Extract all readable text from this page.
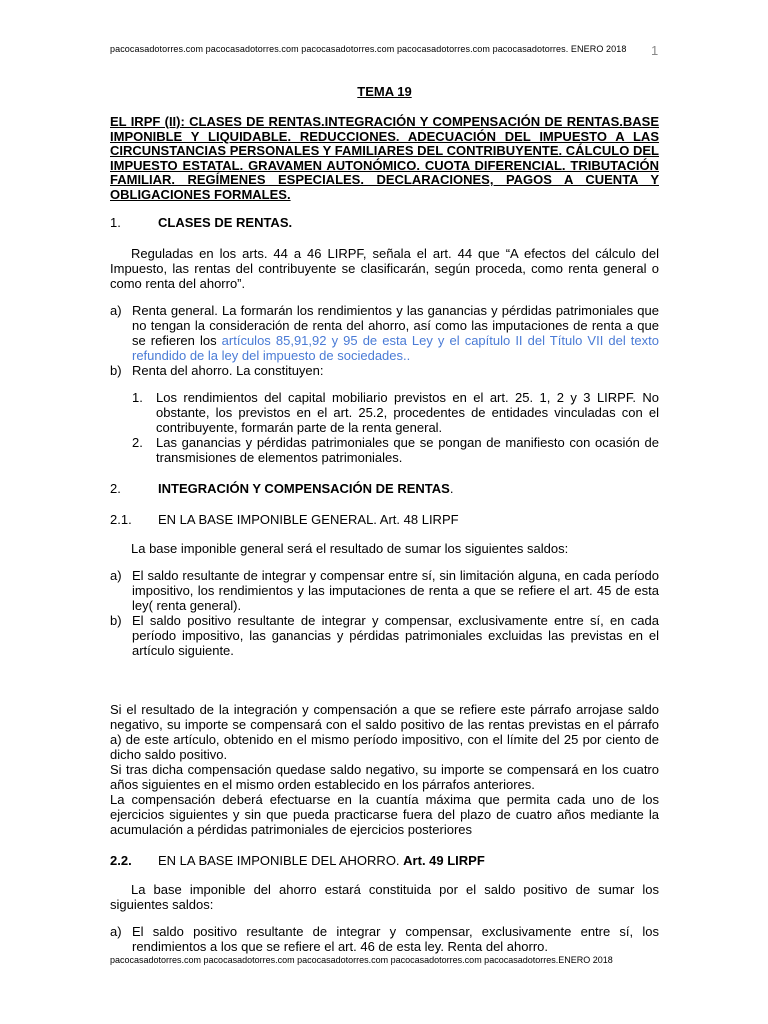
pacocasadotorres.com pacocasadotorres.com pacocasadotorres.com pacocasadotorres.com pacocasadotorres. ENERO 2018 1

TEMA 19

EL IRPF (II): CLASES DE RENTAS.INTEGRACIÓN Y COMPENSACIÓN DE RENTAS.BASE IMPONIBLE Y LIQUIDABLE. REDUCCIONES. ADECUACIÓN DEL IMPUESTO A LAS CIRCUNSTANCIAS PERSONALES Y FAMILIARES DEL CONTRIBUYENTE. CÁLCULO DEL IMPUESTO ESTATAL. GRAVAMEN AUTONÓMICO. CUOTA DIFERENCIAL. TRIBUTACIÓN FAMILIAR. REGÍMENES ESPECIALES. DECLARACIONES, PAGOS A CUENTA Y OBLIGACIONES FORMALES.

1.	CLASES DE RENTAS.

Reguladas en los arts. 44 a 46 LIRPF, señala el art. 44 que “A efectos del cálculo del Impuesto, las rentas del contribuyente se clasificarán, según proceda, como renta general o como renta del ahorro”.

a) Renta general. La formarán los rendimientos y las ganancias y pérdidas patrimoniales que no tengan la consideración de renta del ahorro, así como las imputaciones de renta a que se refieren los artículos 85,91,92 y 95 de esta Ley y el capítulo II del Título VII del texto refundido de la ley del impuesto de sociedades..
b) Renta del ahorro. La constituyen:
1.	Los rendimientos del capital mobiliario previstos en el art. 25. 1, 2 y 3 LIRPF. No obstante, los previstos en el art. 25.2, procedentes de entidades vinculadas con el contribuyente, formarán parte de la renta general.
2.	Las ganancias y pérdidas patrimoniales que se pongan de manifiesto con ocasión de transmisiones de elementos patrimoniales.
2.	INTEGRACIÓN Y COMPENSACIÓN DE RENTAS.
2.1.	EN LA BASE IMPONIBLE GENERAL. Art. 48 LIRPF

La base imponible general será el resultado de sumar los siguientes saldos:

a) El saldo resultante de integrar y compensar entre sí, sin limitación alguna, en cada período impositivo, los rendimientos y las imputaciones de renta a que se refiere el art. 45 de esta ley( renta general).
b) El saldo positivo resultante de integrar y compensar, exclusivamente entre sí, en cada período impositivo, las ganancias y pérdidas patrimoniales excluidas las previstas en el artículo siguiente.

Si el resultado de la integración y compensación a que se refiere este párrafo arrojase saldo negativo, su importe se compensará con el saldo positivo de las rentas previstas en el párrafo a) de este artículo, obtenido en el mismo período impositivo, con el límite del 25 por ciento de dicho saldo positivo.

Si tras dicha compensación quedase saldo negativo, su importe se compensará en los cuatro años siguientes en el mismo orden establecido en los párrafos anteriores.

La compensación deberá efectuarse en la cuantía máxima que permita cada uno de los ejercicios siguientes y sin que pueda practicarse fuera del plazo de cuatro años mediante la acumulación a pérdidas patrimoniales de ejercicios posteriores

2.2.	EN LA BASE IMPONIBLE DEL AHORRO. Art. 49 LIRPF

La base imponible del ahorro estará constituida por el saldo positivo de sumar los siguientes saldos:

a) El saldo positivo resultante de integrar y compensar, exclusivamente entre sí, los rendimientos a los que se refiere el art. 46 de esta ley. Renta del ahorro.
pacocasadotorres.com pacocasadotorres.com pacocasadotorres.com pacocasadotorres.com pacocasadotorres.ENERO 2018
